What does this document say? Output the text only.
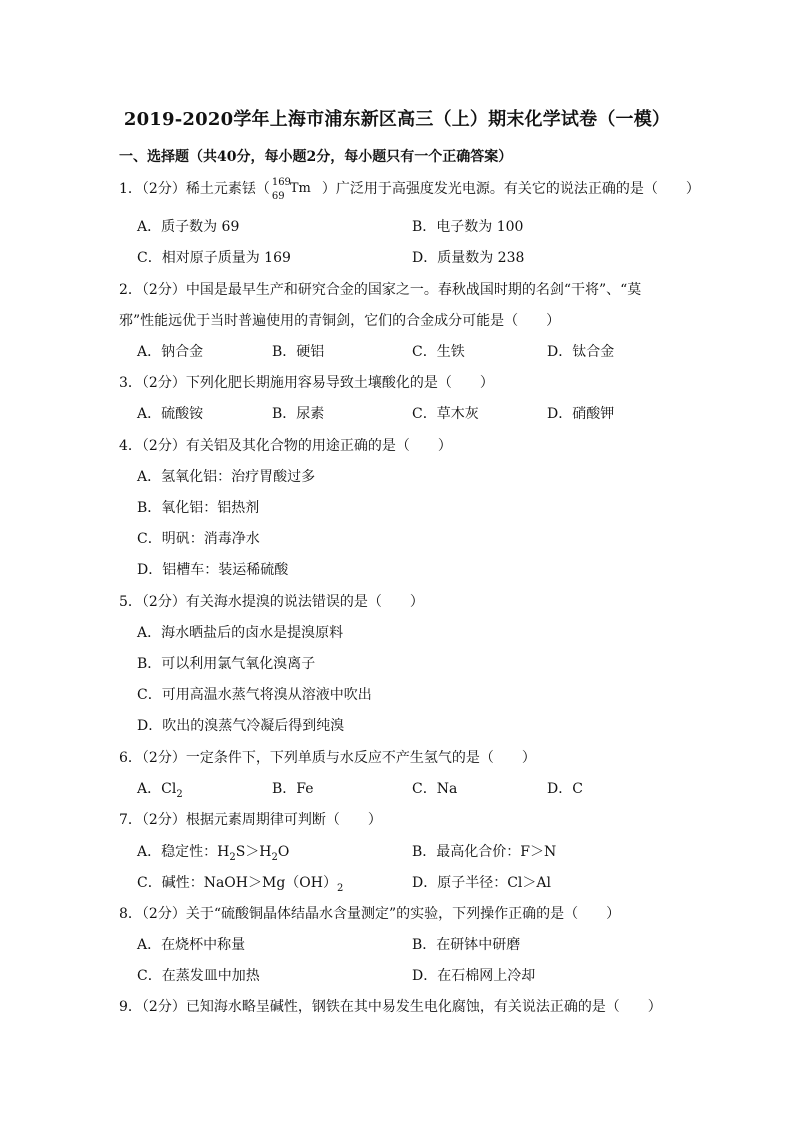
2019-2020学年上海市浦东新区高三（上）期末化学试卷（一模）
一、选择题（共40分，每小题2分，每小题只有一个正确答案）
1．（2分）稀土元素铥（ 169
69
Tm ）广泛用于高强度发光电源。有关它的说法正确的是（　　）
A．质子数为 69	B．电子数为 100
C．相对原子质量为 169	D．质量数为 238
2．（2分）中国是最早生产和研究合金的国家之一。春秋战国时期的名剑“干将”、“莫
邪”性能远优于当时普遍使用的青铜剑，它们的合金成分可能是（　　）
A．钠合金	B．硬铝	C．生铁	D．钛合金
3．（2分）下列化肥长期施用容易导致土壤酸化的是（　　）
A．硫酸铵	B．尿素	C．草木灰	D．硝酸钾
4．（2分）有关铝及其化合物的用途正确的是（　　）
A．氢氧化铝：治疗胃酸过多
B．氧化铝：铝热剂
C．明矾：消毒净水
D．铝槽车：装运稀硫酸
5．（2分）有关海水提溴的说法错误的是（　　）
A．海水晒盐后的卤水是提溴原料
B．可以利用氯气氧化溴离子
C．可用高温水蒸气将溴从溶液中吹出
D．吹出的溴蒸气冷凝后得到纯溴
6．（2分）一定条件下，下列单质与水反应不产生氢气的是（　　）
A．$Cl_2$	B．Fe	C．Na	D．C
7．（2分）根据元素周期律可判断（　　）
A．稳定性：$H_2S>H_2O$	B．最高化合价：F＞N
C．碱性：$NaOH>Mg(OH)_2$	D．原子半径：Cl＞Al
8．（2分）关于“硫酸铜晶体结晶水含量测定”的实验，下列操作正确的是（　　）
A．在烧杯中称量	B．在研钵中研磨
C．在蒸发皿中加热	D．在石棉网上冷却
9．（2分）已知海水略呈碱性，钢铁在其中易发生电化腐蚀，有关说法正确的是（　　）
